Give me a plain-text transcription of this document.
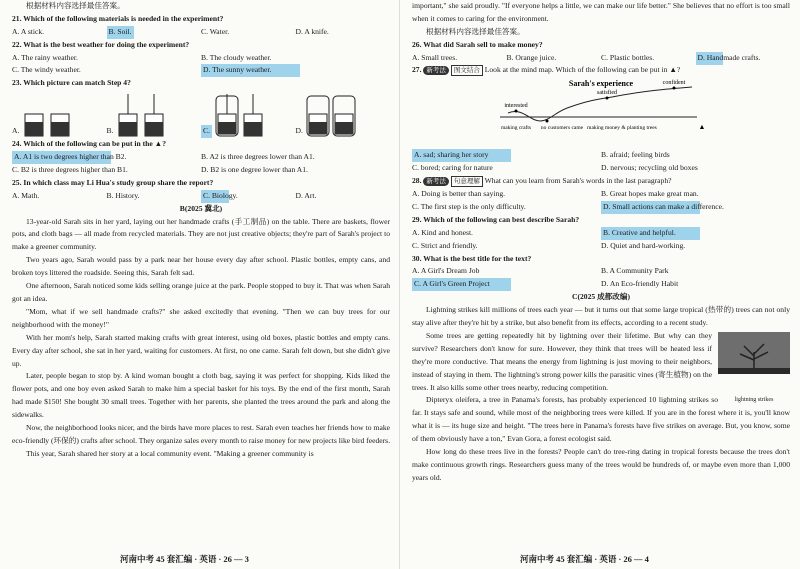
根据材料内容选择最佳答案。
21. Which of the following materials is needed in the experiment?
A. A stick.	B. Soil.	C. Water.	D. A knife.
22. What is the best weather for doing the experiment?
A. The rainy weather.	B. The cloudy weather.
C. The windy weather.	D. The sunny weather.
23. Which picture can match Step 4?
A.	B.	C.	D.
24. Which of the following can be put in the ▲?
A. A1 is two degrees higher than B2.	B. A2 is three degrees lower than A1.
C. B2 is three degrees higher than B1.	D. B2 is one degree lower than A1.
25. In which class may Li Hua's study group share the report?
A. Math.	B. History.	C. Biology.	D. Art.
B(2025 冀北)
13-year-old Sarah sits in her yard, laying out her handmade crafts (手工制品) on the table. There are baskets, flower pots, and cloth bags — all made from recycled materials. They are not just creative objects; they're part of Sarah's project to make a greener community.
Two years ago, Sarah would pass by a park near her house every day after school. Plastic bottles, empty cans, and broken toys littered the roadside. Seeing this, Sarah felt sad.
One afternoon, Sarah noticed some kids selling orange juice at the park. People stopped to buy it. That was when Sarah got an idea.
"Mom, what if we sell handmade crafts?" she asked excitedly that evening. "Then we can buy trees for our neighborhood with the money!"
With her mom's help, Sarah started making crafts with great interest, using old boxes, plastic bottles and empty cans. Every day after school, she sat in her yard, waiting for customers. At first, no one came. Sarah felt down, but she didn't give up.
Later, people began to stop by. A kind woman bought a cloth bag, saying it was perfect for shopping. Kids liked the flower pots, and one boy even asked Sarah to make him a special basket for his toys. By the end of the first month, Sarah had made $150! She bought 30 small trees. Together with her parents, she planted the trees around the park and along the sidewalks.
Now, the neighborhood looks nicer, and the birds have more places to rest. Sarah even teaches her friends how to make eco-friendly (环保的) crafts after school. They organize sales every month to raise money for new projects like bird feeders.
This year, Sarah shared her story at a local community event. "Making a greener community is
河南中考 45 套汇编 · 英语 · 26 — 3
important," she said proudly. "If everyone helps a little, we can make our life better." She believes that no effort is too small when it comes to caring for the environment.
根据材料内容选择最佳答案。
26. What did Sarah sell to make money?
A. Small trees.	B. Orange juice.	C. Plastic bottles.	D. Handmade crafts.
27. 新考法 图文结合 Look at the mind map. Which of the following can be put in ▲?
Sarah's experience
interested
satisfied
confident
making crafts no customers came making money & planting trees	▲
A. sad; sharing her story	B. afraid; feeling birds
C. bored; caring for nature	D. nervous; recycling old boxes
28. 新考法 句意理解 What can you learn from Sarah's words in the last paragraph?
A. Doing is better than saying.	B. Great hopes make great man.
C. The first step is the only difficulty.	D. Small actions can make a difference.
29. Which of the following can best describe Sarah?
A. Kind and honest.	B. Creative and helpful.
C. Strict and friendly.	D. Quiet and hard-working.
30. What is the best title for the text?
A. A Girl's Dream Job	B. A Community Park
C. A Girl's Green Project	D. An Eco-friendly Habit
C(2025 成都改编)
Lightning strikes kill millions of trees each year — but it turns out that some large tropical (热带的) trees can not only stay alive after they're hit by a strike, but also benefit from its effects, according to a recent study.
Some trees are getting repeatedly hit by lightning over their lifetime. But why can they survive? Researchers don't know for sure. However, they think that trees will be heated less if they're more conductive. That means the energy from lightning is just moving to their neighbors, instead of staying in them. The lightning's strong power kills the parasitic vines (寄生植物) on the trees. It also kills some other trees nearby, reducing competition.
lightning strikes
Dipteryx oleifera, a tree in Panama's forests, has probably experienced 10 lightning strikes so far. It stays safe and sound, while most of the neighboring trees were killed. If you are in the forest where it is, you'll know what it is — its huge size and height. "The trees here in Panama's forests have five strikes on average. But, you know, some of them obviously have a ton," Evan Gora, a forest ecologist said.
How long do these trees live in the forests? People can't do tree-ring dating in tropical forests because the trees don't make continuous growth rings. Researchers guess many of the trees would be hundreds of, or maybe even more than 1,000 years old.
河南中考 45 套汇编 · 英语 · 26 — 4
